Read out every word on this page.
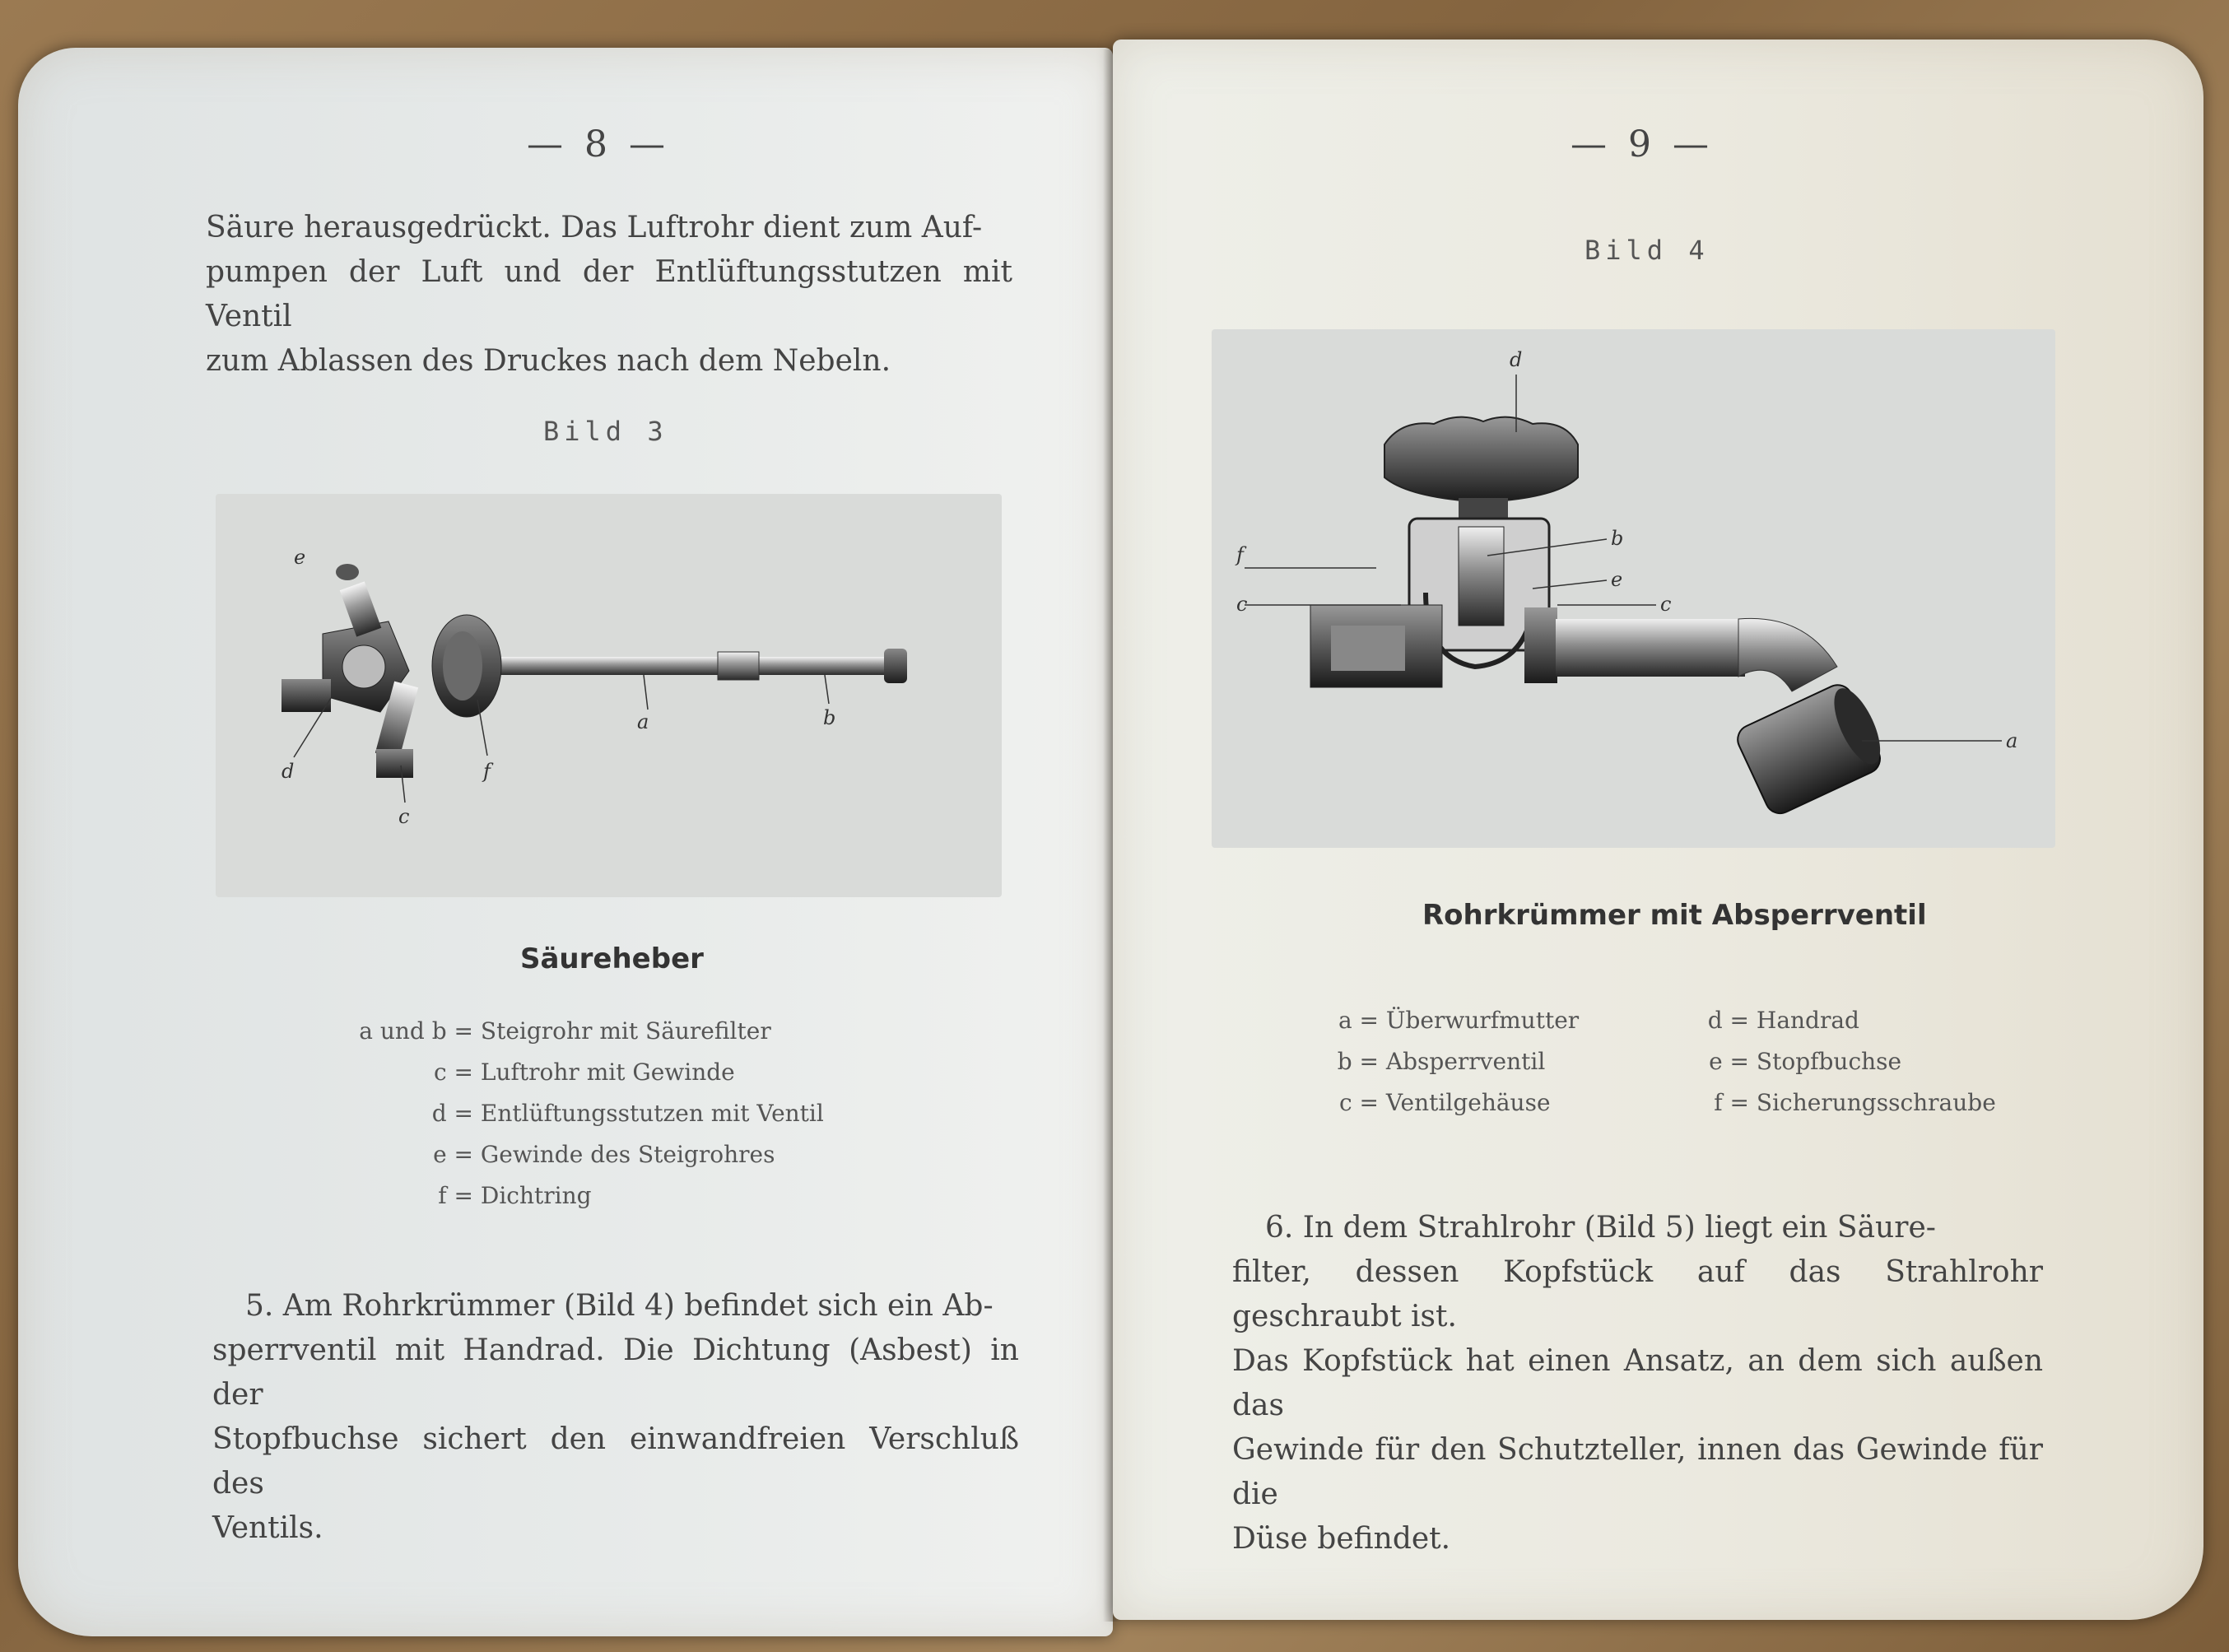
— 8 —

Säure herausgedrückt. Das Luftrohr dient zum Auf-

pumpen der Luft und der Entlüftungsstutzen mit Ventil

zum Ablassen des Druckes nach dem Nebeln.

Bild 3
e
d
c
f
a	b
Säureheber
a und b = Steigrohr mit Säurefilter
c = Luftrohr mit Gewinde
d = Entlüftungsstutzen mit Ventil
e = Gewinde des Steigrohres
f = Dichtring

5. Am Rohrkrümmer (Bild 4) befindet sich ein Ab-

sperrventil mit Handrad. Die Dichtung (Asbest) in der

Stopfbuchse sichert den einwandfreien Verschluß des

Ventils.

— 9 —
Bild 4
d
f
c
b
e
c
a
Rohrkrümmer mit Absperrventil
a = Überwurfmutter
b = Absperrventil
c = Ventilgehäuse
d = Handrad
e = Stopfbuchse
f = Sicherungsschraube

6. In dem Strahlrohr (Bild 5) liegt ein Säure-

filter, dessen Kopfstück auf das Strahlrohr geschraubt ist.

Das Kopfstück hat einen Ansatz, an dem sich außen das

Gewinde für den Schutzteller, innen das Gewinde für die

Düse befindet.
